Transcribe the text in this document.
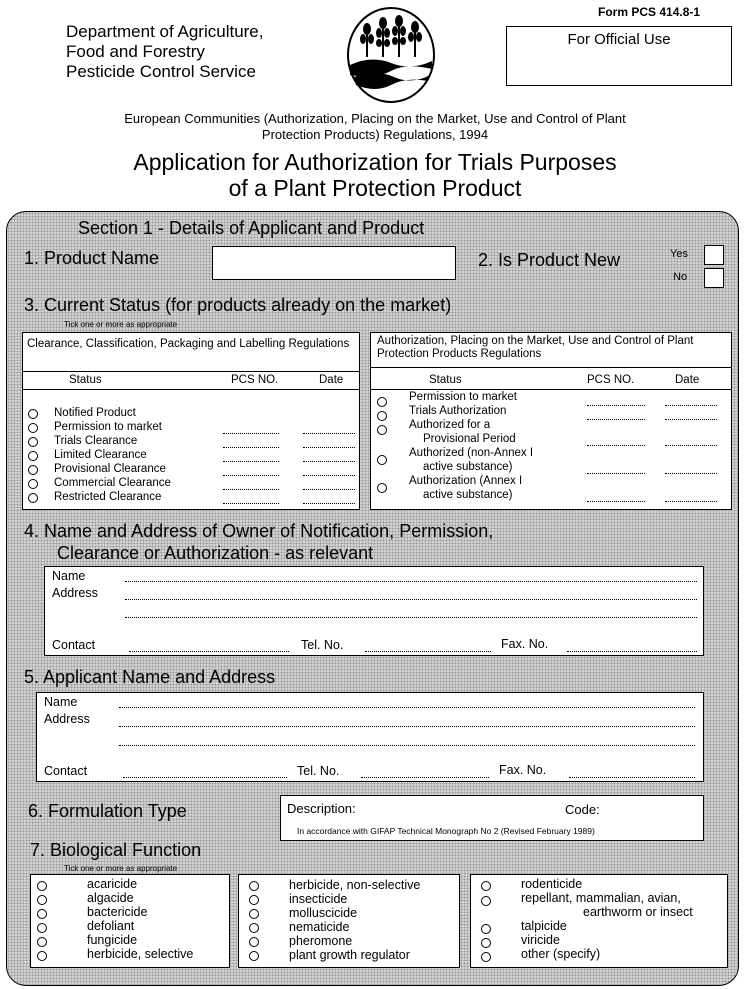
Department of Agriculture,
Food and Forestry
Pesticide Control Service
Form PCS 414.8-1
For Official Use
European Communities (Authorization, Placing on the Market, Use and Control of Plant
Protection Products) Regulations, 1994
Application for Authorization for Trials Purposes
of a Plant Protection Product
Section 1 - Details of Applicant and Product
1. Product Name	2. Is Product New	Yes
No
3. Current Status (for products already on the market)
Tick one or more as appropriate
Clearance, Classification, Packaging and Labelling Regulations
Status	PCS NO.	Date
Notified Product
Permission to market
Trials Clearance
Limited Clearance
Provisional Clearance
Commercial Clearance
Restricted Clearance
Authorization, Placing on the Market, Use and Control of Plant Protection Products Regulations
Status	PCS NO.	Date
Permission to market
Trials Authorization
Authorized for a
Provisional Period
Authorized (non-Annex I
active substance)
Authorization (Annex I
active substance)
4. Name and Address of Owner of Notification, Permission,
Clearance or Authorization - as relevant
Name
Address
Contact	Tel. No.	Fax. No.
5. Applicant Name and Address
Name
Address
Contact	Tel. No.	Fax. No.
6. Formulation Type	Description:	Code:
In accordance with GIFAP Technical Monograph No 2 (Revised February 1989)
7. Biological Function
Tick one or more as appropriate
acaricide
algacide
bactericide
defoliant
fungicide
herbicide, selective
herbicide, non-selective
insecticide
molluscicide
nematicide
pheromone
plant growth regulator
rodenticide
repellant, mammalian, avian,
earthworm or insect
talpicide
viricide
other (specify)
